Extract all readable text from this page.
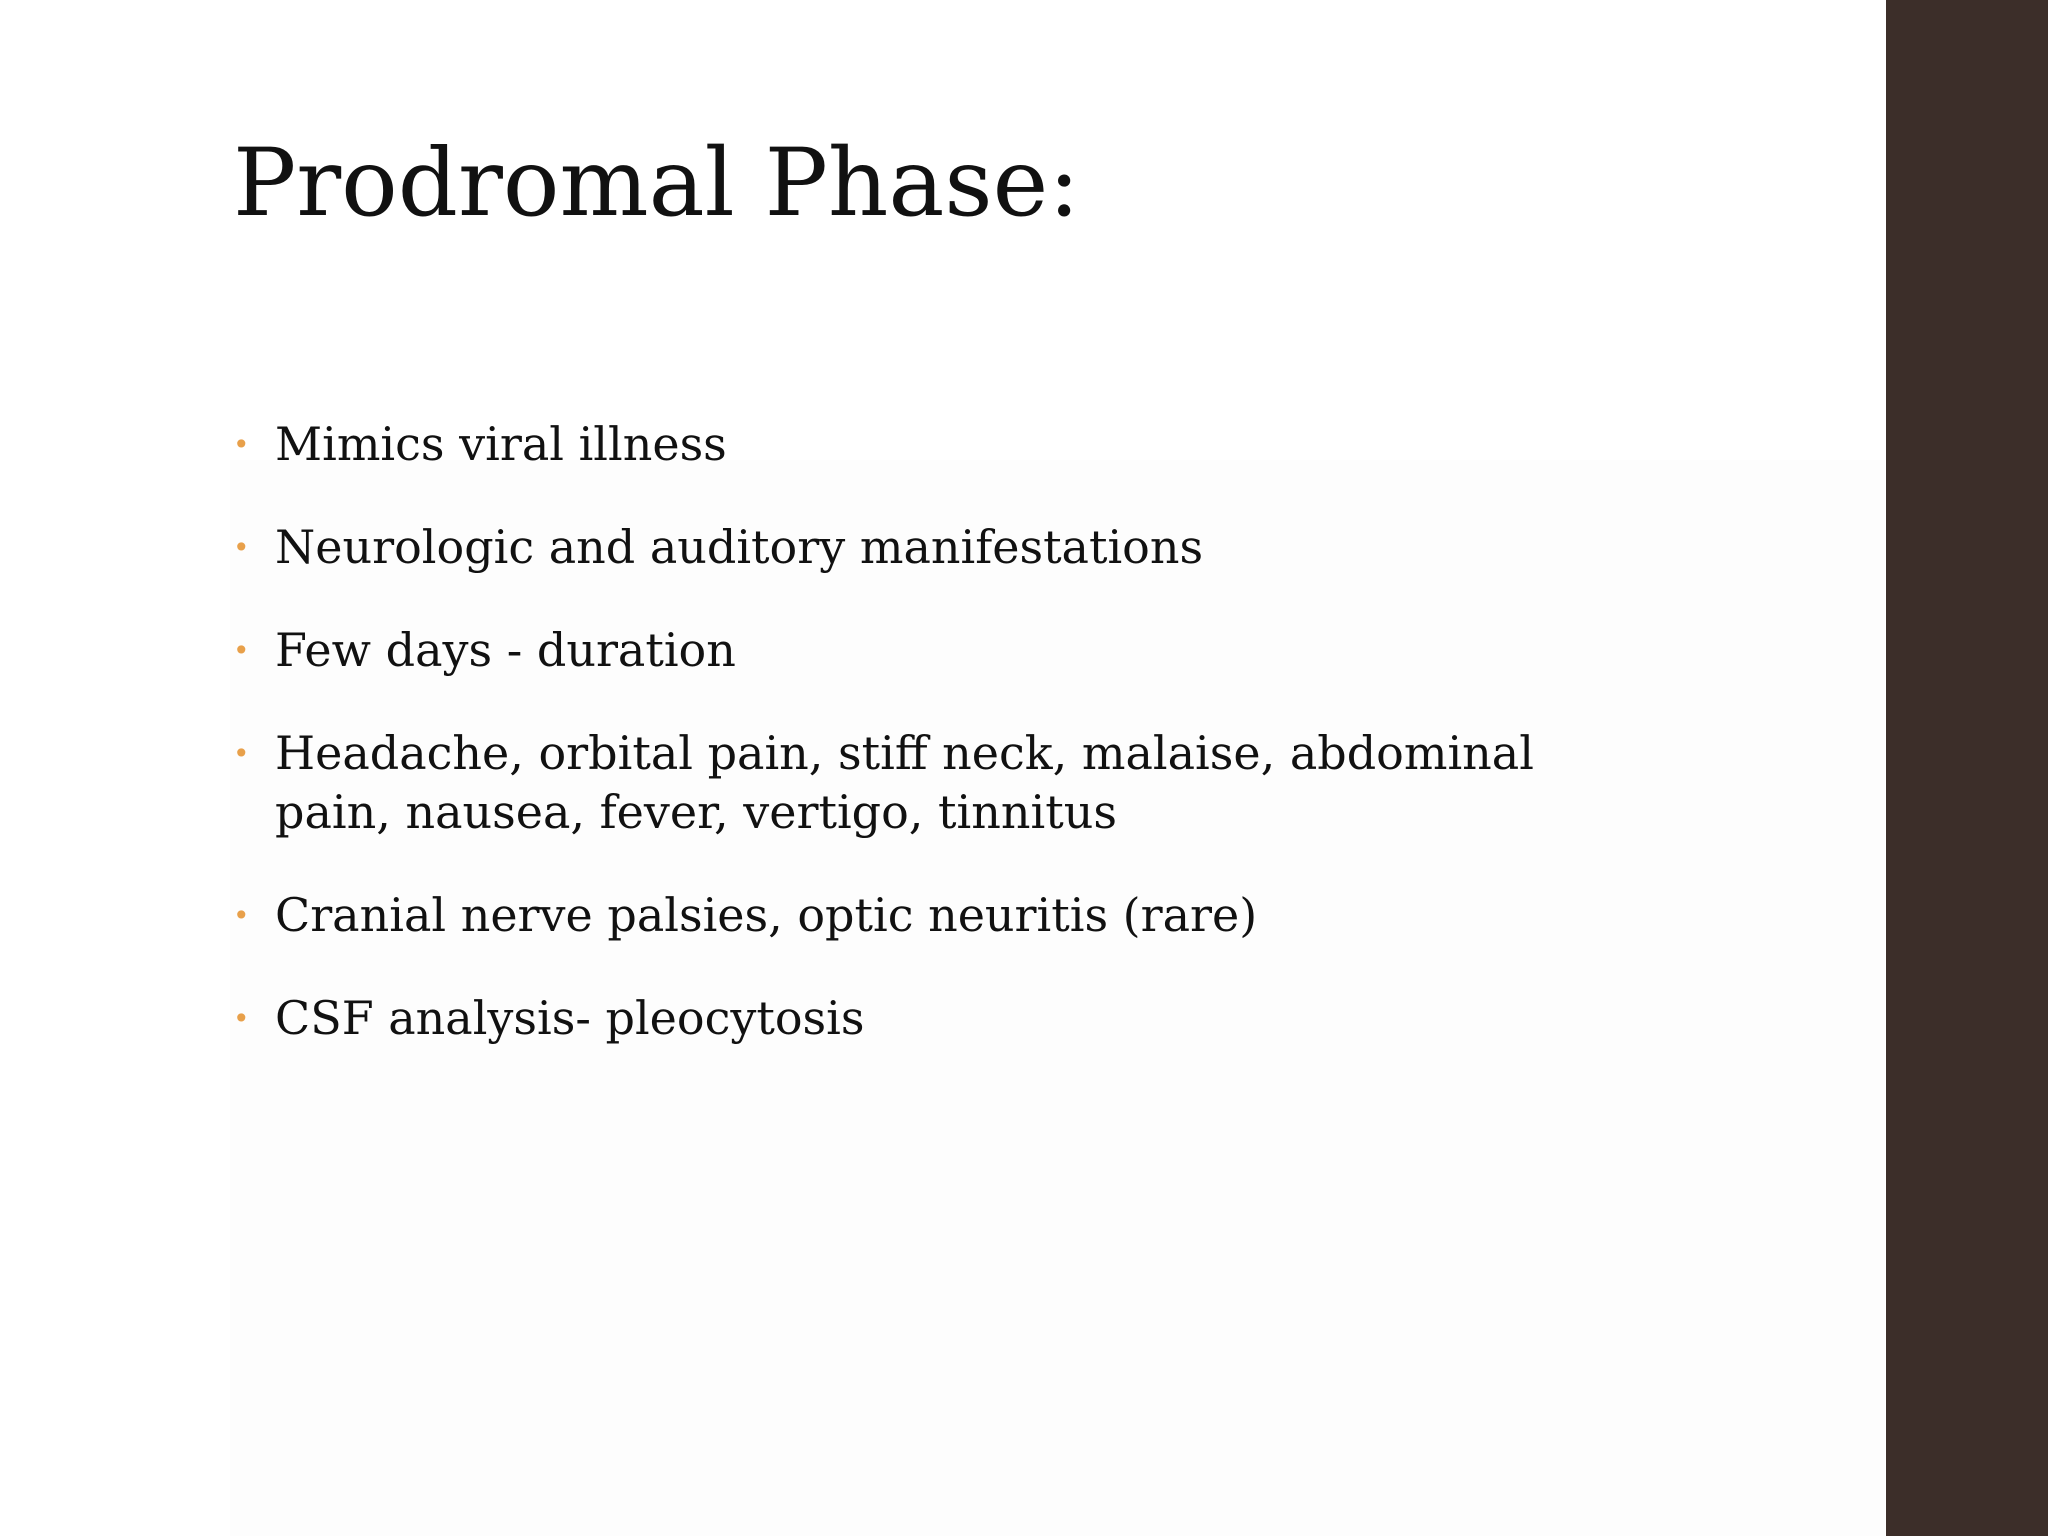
Prodromal Phase:
• Mimics viral illness
• Neurologic and auditory manifestations
• Few days - duration
• Headache, orbital pain, stiff neck, malaise, abdominal pain, nausea, fever, vertigo, tinnitus
• Cranial nerve palsies, optic neuritis (rare)
• CSF analysis- pleocytosis
